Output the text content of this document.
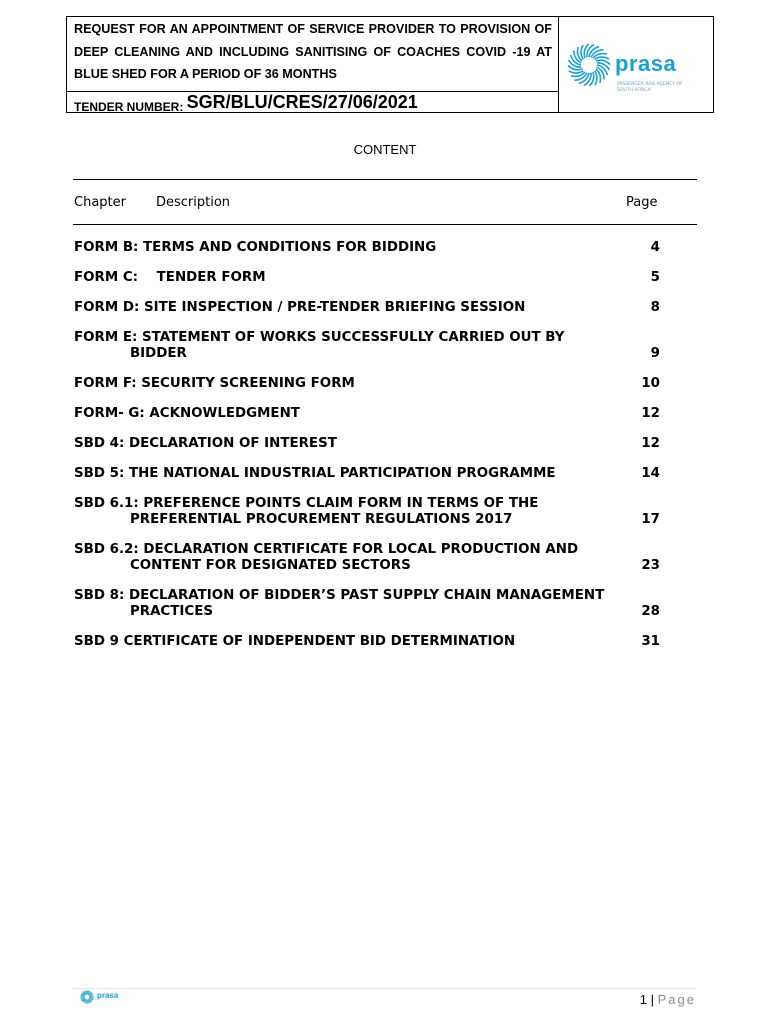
REQUEST FOR AN APPOINTMENT OF SERVICE PROVIDER TO PROVISION OF DEEP CLEANING AND INCLUDING SANITISING OF COACHES COVID -19 AT BLUE SHED FOR A PERIOD OF 36 MONTHS
TENDER NUMBER: SGR/BLU/CRES/27/06/2021
prasa
PASSENGER RAIL AGENCY OF SOUTH AFRICA
CONTENT
Chapter Description	Page
FORM B: TERMS AND CONDITIONS FOR BIDDING	4
FORM C:    TENDER FORM	5
FORM D: SITE INSPECTION / PRE-TENDER BRIEFING SESSION	8
FORM E: STATEMENT OF WORKS SUCCESSFULLY CARRIED OUT BY
BIDDER	9
FORM F: SECURITY SCREENING FORM	10
FORM- G: ACKNOWLEDGMENT	12
SBD 4: DECLARATION OF INTEREST	12
SBD 5: THE NATIONAL INDUSTRIAL PARTICIPATION PROGRAMME	14
SBD 6.1: PREFERENCE POINTS CLAIM FORM IN TERMS OF THE
PREFERENTIAL PROCUREMENT REGULATIONS 2017	17
SBD 6.2: DECLARATION CERTIFICATE FOR LOCAL PRODUCTION AND
CONTENT FOR DESIGNATED SECTORS	23
SBD 8: DECLARATION OF BIDDER’S PAST SUPPLY CHAIN MANAGEMENT
PRACTICES	28
SBD 9 CERTIFICATE OF INDEPENDENT BID DETERMINATION	31
prasa	1 | Page
